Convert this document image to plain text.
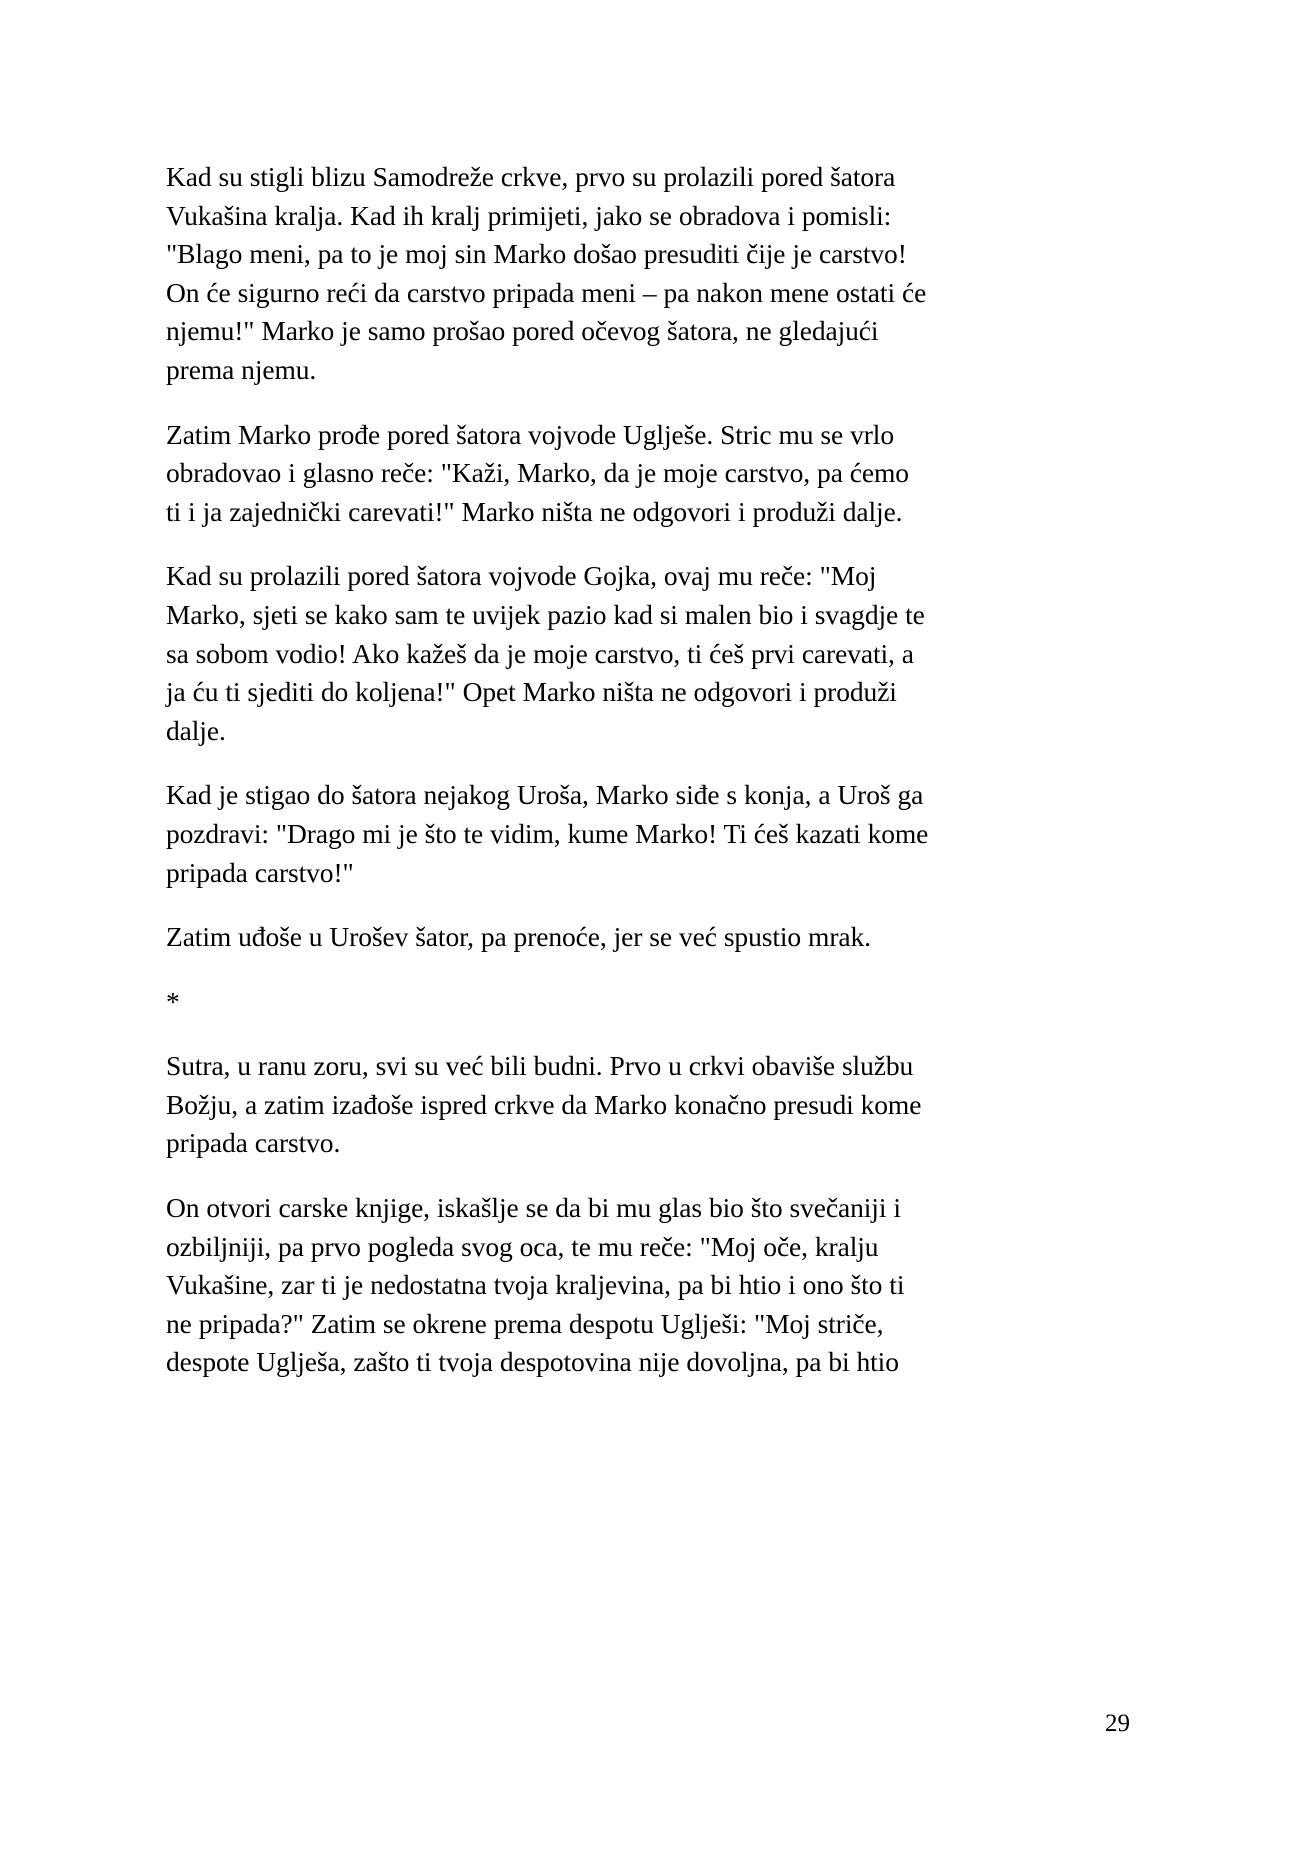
Kad su stigli blizu Samodreže crkve, prvo su prolazili pored šatora Vukašina kralja. Kad ih kralj primijeti, jako se obradova i pomisli: "Blago meni, pa to je moj sin Marko došao presuditi čije je carstvo! On će sigurno reći da carstvo pripada meni – pa nakon mene ostati će njemu!" Marko je samo prošao pored očevog šatora, ne gledajući prema njemu.

Zatim Marko prođe pored šatora vojvode Uglješe. Stric mu se vrlo obradovao i glasno reče: "Kaži, Marko, da je moje carstvo, pa ćemo ti i ja zajednički carevati!" Marko ništa ne odgovori i produži dalje.

Kad su prolazili pored šatora vojvode Gojka, ovaj mu reče: "Moj Marko, sjeti se kako sam te uvijek pazio kad si malen bio i svagdje te sa sobom vodio! Ako kažeš da je moje carstvo, ti ćeš prvi carevati, a ja ću ti sjediti do koljena!" Opet Marko ništa ne odgovori i produži dalje.

Kad je stigao do šatora nejakog Uroša, Marko siđe s konja, a Uroš ga pozdravi: "Drago mi je što te vidim, kume Marko! Ti ćeš kazati kome pripada carstvo!"

Zatim uđoše u Urošev šator, pa prenoće, jer se već spustio mrak.

*

Sutra, u ranu zoru, svi su već bili budni. Prvo u crkvi obaviše službu Božju, a zatim izađoše ispred crkve da Marko konačno presudi kome pripada carstvo.

On otvori carske knjige, iskašlje se da bi mu glas bio što svečaniji i ozbiljniji, pa prvo pogleda svog oca, te mu reče: "Moj oče, kralju Vukašine, zar ti je nedostatna tvoja kraljevina, pa bi htio i ono što ti ne pripada?" Zatim se okrene prema despotu Uglješi: "Moj striče, despote Uglješa, zašto ti tvoja despotovina nije dovoljna, pa bi htio

29
